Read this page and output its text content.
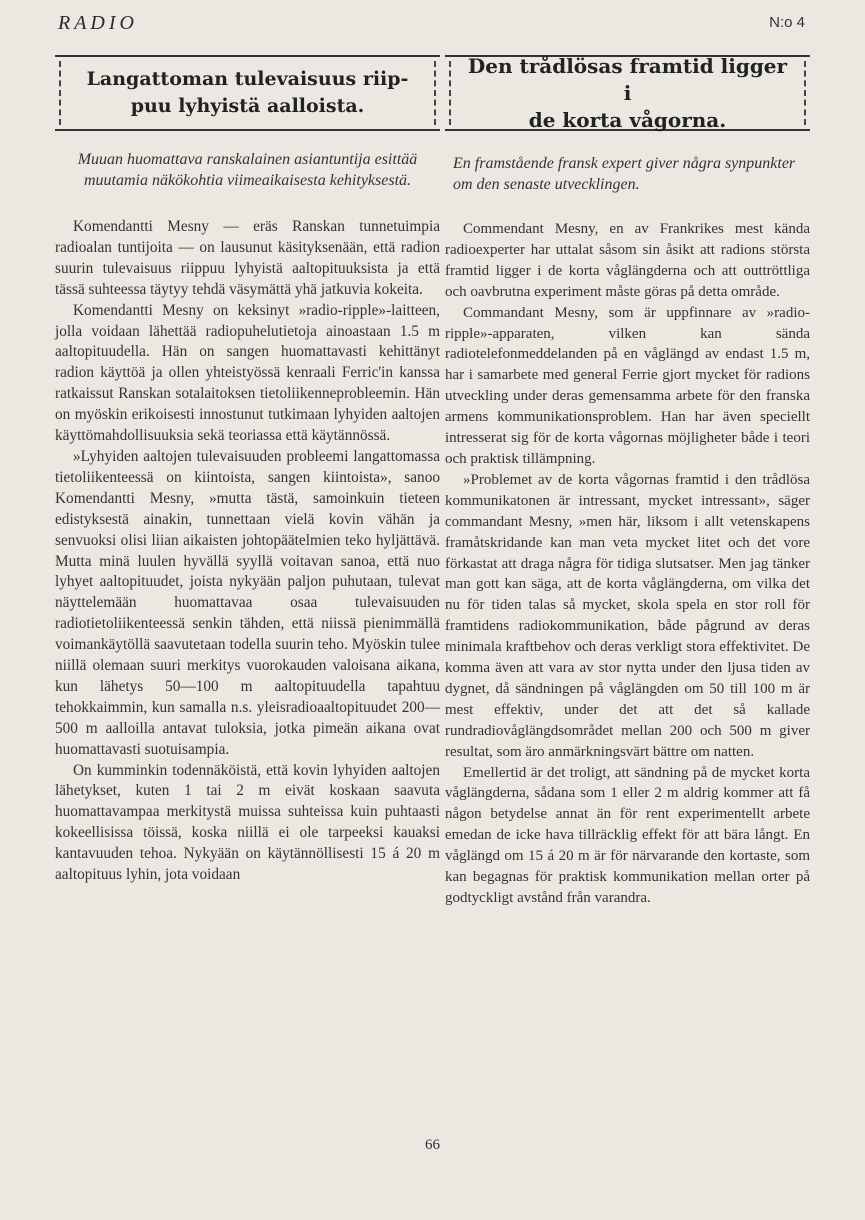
RADIO	N:o 4
Langattoman tulevaisuus riip-
puu lyhyistä aalloista.
Muuan huomattava ranskalainen asiantuntija esittää muutamia näkökohtia viimeaikaisesta kehityksestä.

Komendantti Mesny — eräs Ranskan tunnetuimpia radioalan tuntijoita — on lausunut käsityksenään, että radion suurin tulevaisuus riippuu lyhyistä aaltopituuksista ja että tässä suhteessa täytyy tehdä väsymättä yhä jatkuvia kokeita.

Komendantti Mesny on keksinyt »radio-ripple»-laitteen, jolla voidaan lähettää radiopuhelutietoja ainoastaan 1.5 m aaltopituudella. Hän on sangen huomattavasti kehittänyt radion käyttöä ja ollen yhteistyössä kenraali Ferric'in kanssa ratkaissut Ranskan sotalaitoksen tietoliikenneprobleemin. Hän on myöskin erikoisesti innostunut tutkimaan lyhyiden aaltojen käyttömahdollisuuksia sekä teoriassa että käytännössä.

»Lyhyiden aaltojen tulevaisuuden probleemi langattomassa tietoliikenteessä on kiintoista, sangen kiintoista», sanoo Komendantti Mesny, »mutta tästä, samoinkuin tieteen edistyksestä ainakin, tunnettaan vielä kovin vähän ja senvuoksi olisi liian aikaisten johtopäätelmien teko hyljättävä. Mutta minä luulen hyvällä syyllä voitavan sanoa, että nuo lyhyet aaltopituudet, joista nykyään paljon puhutaan, tulevat näyttelemään huomattavaa osaa tulevaisuuden radiotietoliikenteessä senkin tähden, että niissä pienimmällä voimankäytöllä saavutetaan todella suurin teho. Myöskin tulee niillä olemaan suuri merkitys vuorokauden valoisana aikana, kun lähetys 50—100 m aaltopituudella tapahtuu tehokkaimmin, kun samalla n.s. yleisradioaaltopituudet 200—500 m aalloilla antavat tuloksia, jotka pimeän aikana ovat huomattavasti suotuisampia.

On kumminkin todennäköistä, että kovin lyhyiden aaltojen lähetykset, kuten 1 tai 2 m eivät koskaan saavuta huomattavampaa merkitystä muissa suhteissa kuin puhtaasti kokeellisissa töissä, koska niillä ei ole tarpeeksi kauaksi kantavuuden tehoa. Nykyään on käytännöllisesti 15 á 20 m aaltopituus lyhin, jota voidaan

Den trådlösas framtid ligger i
de korta vågorna.
En framstående fransk expert giver några synpunkter om den senaste utvecklingen.

Commendant Mesny, en av Frankrikes mest kända radioexperter har uttalat såsom sin åsikt att radions största framtid ligger i de korta våglängderna och att outtröttliga och oavbrutna experiment måste göras på detta område.

Commandant Mesny, som är uppfinnare av »radio-ripple»-apparaten, vilken kan sända radiotelefonmeddelanden på en våglängd av endast 1.5 m, har i samarbete med general Ferrie gjort mycket för radions utveckling under deras gemensamma arbete för den franska armens kommunikationsproblem. Han har även speciellt intresserat sig för de korta vågornas möjligheter både i teori och praktisk tillämpning.

»Problemet av de korta vågornas framtid i den trådlösa kommunikatonen är intressant, mycket intressant», säger commandant Mesny, »men här, liksom i allt vetenskapens framåtskridande kan man veta mycket litet och det vore förkastat att draga några för tidiga slutsatser. Men jag tänker man gott kan säga, att de korta våglängderna, om vilka det nu för tiden talas så mycket, skola spela en stor roll för framtidens radiokommunikation, både pågrund av deras minimala kraftbehov och deras verkligt stora effektivitet. De komma även att vara av stor nytta under den ljusa tiden av dygnet, då sändningen på våglängden om 50 till 100 m är mest effektiv, under det att det så kallade rundradiovåglängdsområdet mellan 200 och 500 m giver resultat, som äro anmärkningsvärt bättre om natten.

Emellertid är det troligt, att sändning på de mycket korta våglängderna, sådana som 1 eller 2 m aldrig kommer att få någon betydelse annat än för rent experimentellt arbete emedan de icke hava tillräcklig effekt för att bära långt. En våglängd om 15 á 20 m är för närvarande den kortaste, som kan begagnas för praktisk kommunikation mellan orter på godtyckligt avstånd från varandra.

66
